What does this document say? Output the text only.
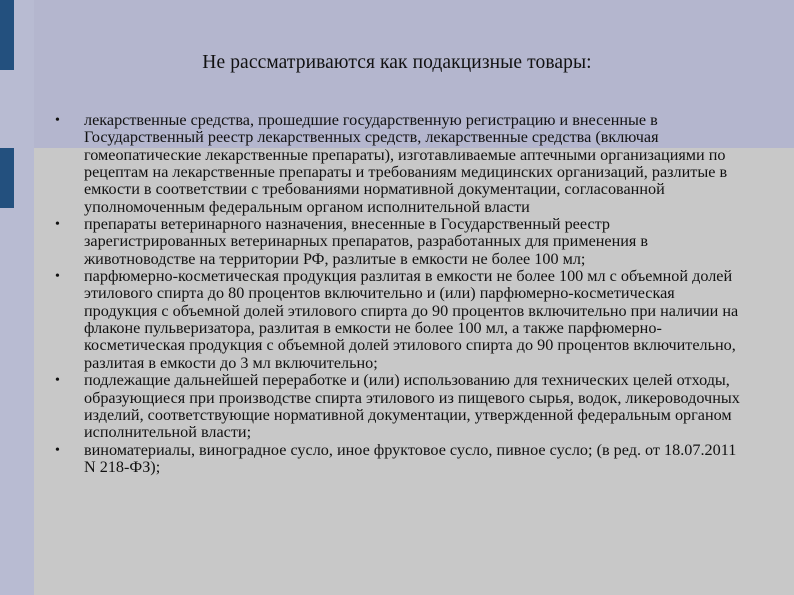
Не рассматриваются как подакцизные товары:
• лекарственные средства, прошедшие государственную регистрацию и внесенные в Государственный реестр лекарственных средств, лекарственные средства (включая гомеопатические лекарственные препараты), изготавливаемые аптечными организациями по рецептам на лекарственные препараты и требованиям медицинских организаций, разлитые в емкости в соответствии с требованиями нормативной документации, согласованной уполномоченным федеральным органом исполнительной власти
• препараты ветеринарного назначения, внесенные в Государственный реестр зарегистрированных ветеринарных препаратов, разработанных для применения в животноводстве на территории РФ, разлитые в емкости не более 100 мл;
• парфюмерно-косметическая продукция разлитая в емкости не более 100 мл с объемной долей этилового спирта до 80 процентов включительно и (или) парфюмерно-косметическая продукция с объемной долей этилового спирта до 90 процентов включительно при наличии на флаконе пульверизатора, разлитая в емкости не более 100 мл, а также парфюмерно-косметическая продукция с объемной долей этилового спирта до 90 процентов включительно, разлитая в емкости до 3 мл включительно;
• подлежащие дальнейшей переработке и (или) использованию для технических целей отходы, образующиеся при производстве спирта этилового из пищевого сырья, водок, ликероводочных изделий, соответствующие нормативной документации, утвержденной федеральным органом исполнительной власти;
• виноматериалы, виноградное сусло, иное фруктовое сусло, пивное сусло; (в ред. от 18.07.2011 N 218-ФЗ);
